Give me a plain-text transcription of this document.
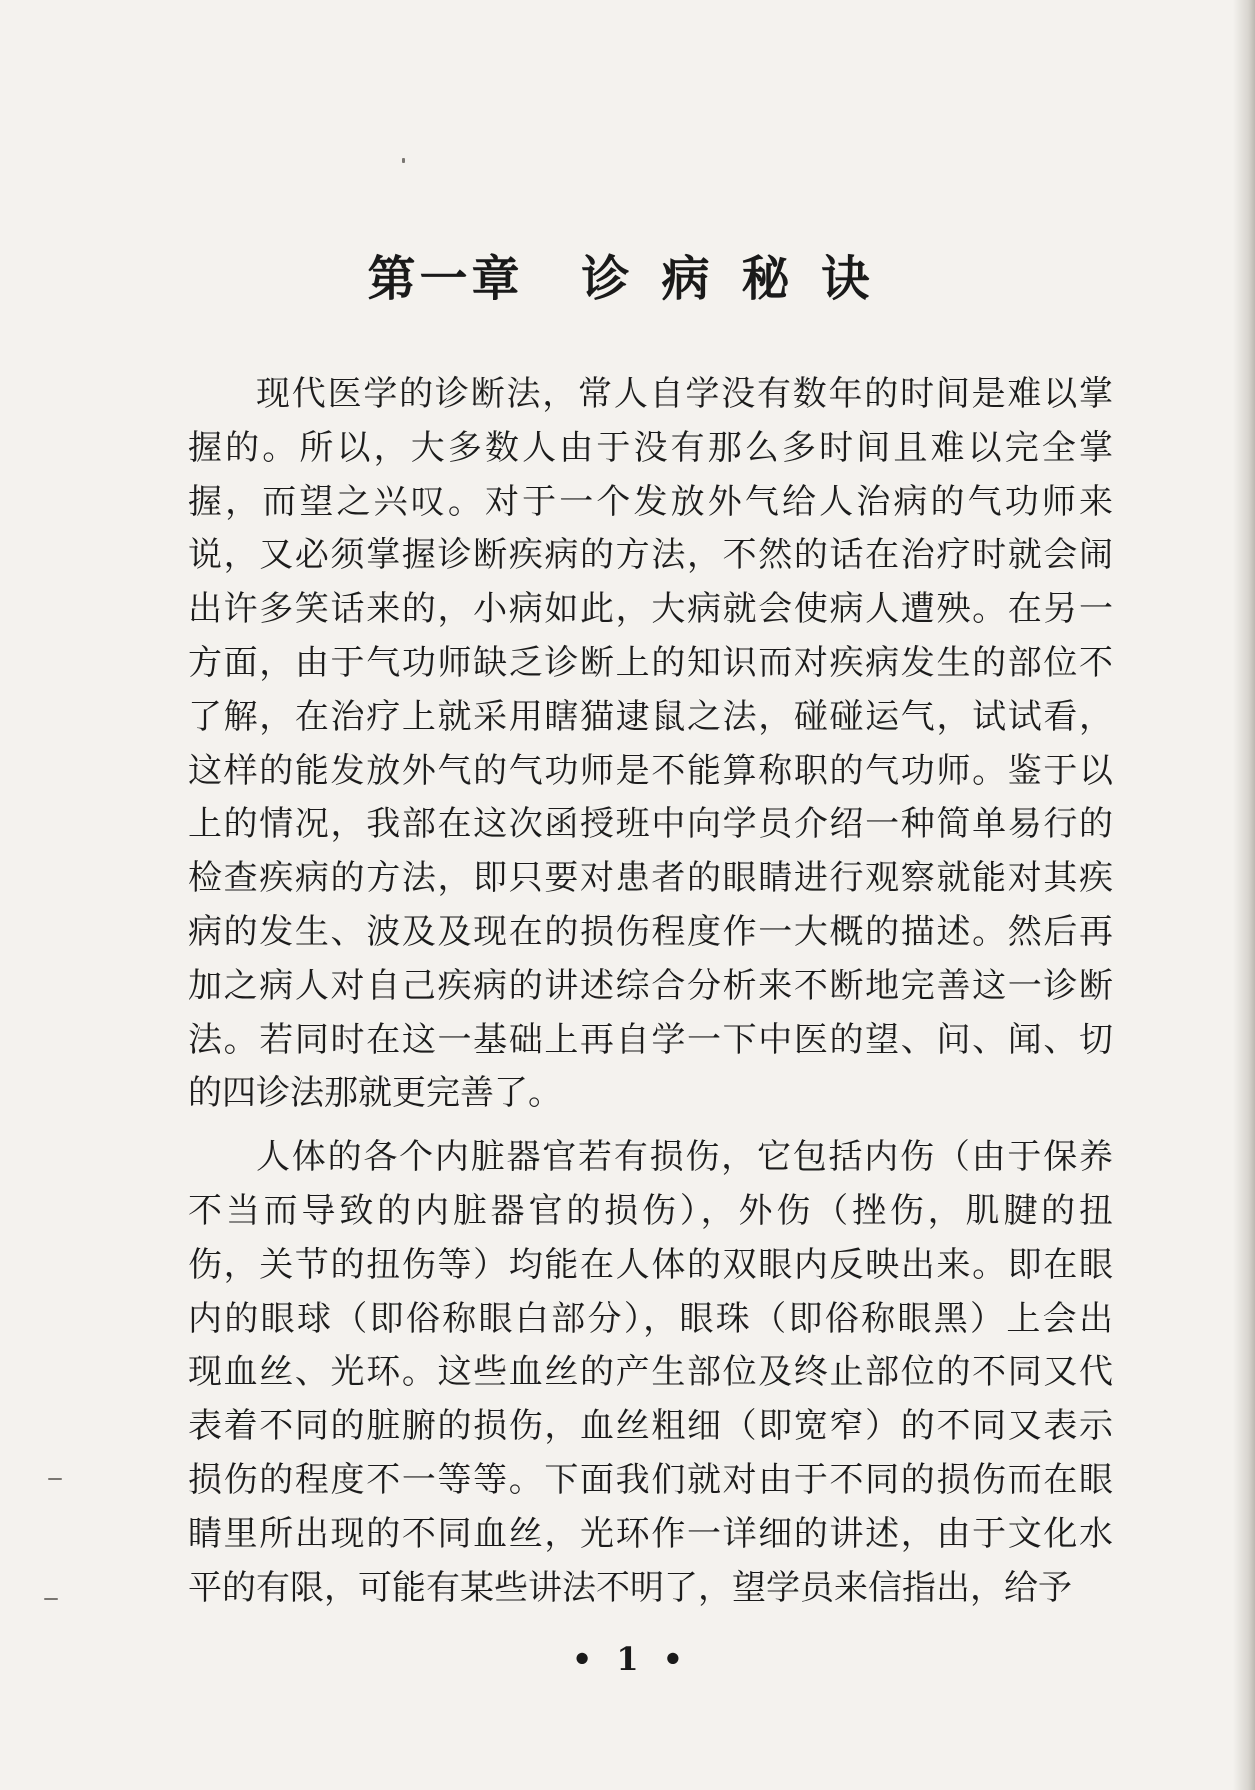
第一章 诊 病 秘 诀
现代医学的诊断法，常人自学没有数年的时间是难以掌
握的。所以，大多数人由于没有那么多时间且难以完全掌
握，而望之兴叹。对于一个发放外气给人治病的气功师来
说，又必须掌握诊断疾病的方法，不然的话在治疗时就会闹
出许多笑话来的，小病如此，大病就会使病人遭殃。在另一
方面，由于气功师缺乏诊断上的知识而对疾病发生的部位不
了解，在治疗上就采用瞎猫逮鼠之法，碰碰运气，试试看，
这样的能发放外气的气功师是不能算称职的气功师。鉴于以
上的情况，我部在这次函授班中向学员介绍一种简单易行的
检查疾病的方法，即只要对患者的眼睛进行观察就能对其疾
病的发生、波及及现在的损伤程度作一大概的描述。然后再
加之病人对自己疾病的讲述综合分析来不断地完善这一诊断
法。若同时在这一基础上再自学一下中医的望、问、闻、切
的四诊法那就更完善了。
人体的各个内脏器官若有损伤，它包括内伤（由于保养
不当而导致的内脏器官的损伤），外伤（挫伤，肌腱的扭
伤，关节的扭伤等）均能在人体的双眼内反映出来。即在眼
内的眼球（即俗称眼白部分），眼珠（即俗称眼黑）上会出
现血丝、光环。这些血丝的产生部位及终止部位的不同又代
表着不同的脏腑的损伤，血丝粗细（即宽窄）的不同又表示
损伤的程度不一等等。下面我们就对由于不同的损伤而在眼
睛里所出现的不同血丝，光环作一详细的讲述，由于文化水
平的有限，可能有某些讲法不明了，望学员来信指出，给予
• 1 •
